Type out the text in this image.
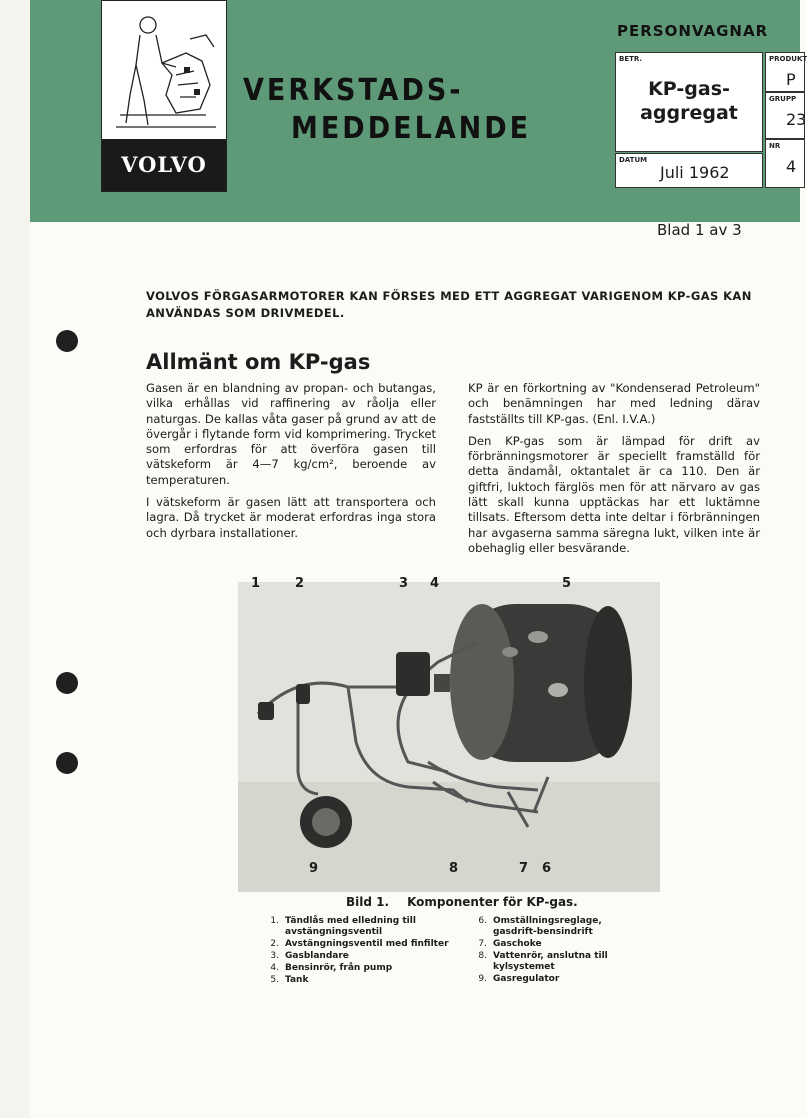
VOLVO
VERKSTADS-
MEDDELANDE
PERSONVAGNAR
BETR.
KP-gas-
aggregat
DATUM
Juli 1962
PRODUKT
P
GRUPP
23
NR
4
Blad 1 av 3
VOLVOS FÖRGASARMOTORER KAN FÖRSES MED ETT AGGREGAT VARIGENOM KP-GAS KAN ANVÄNDAS SOM DRIVMEDEL.
Allmänt om KP-gas

Gasen är en blandning av propan- och butangas, vilka erhållas vid raffinering av råolja eller naturgas. De kallas våta gaser på grund av att de övergår i flytande form vid komprimering. Trycket som erfordras för att överföra gasen till vätskeform är 4—7 kg/cm², beroende av temperaturen.

I vätskeform är gasen lätt att transportera och lagra. Då trycket är moderat erfordras inga stora och dyrbara installationer.

KP är en förkortning av "Kondenserad Petroleum" och benämningen har med ledning därav fastställts till KP-gas. (Enl. I.V.A.)

Den KP-gas som är lämpad för drift av förbränningsmotorer är speciellt framställd för detta ändamål, oktantalet är ca 110. Den är giftfri, luktoch färglös men för att närvaro av gas lätt skall kunna upptäckas har ett luktämne tillsats. Eftersom detta inte deltar i förbränningen har avgaserna samma säregna lukt, vilken inte är obehaglig eller besvärande.

1	2	3 4	5
6
7
8
9
Bild 1. Komponenter för KP-gas.
1. Tändlås med elledning till avstängningsventil
2. Avstängningsventil med finfilter
3. Gasblandare
4. Bensinrör, från pump
5. Tank
6. Omställningsreglage, gasdrift-bensindrift
7. Gaschoke
8. Vattenrör, anslutna till kylsystemet
9. Gasregulator
